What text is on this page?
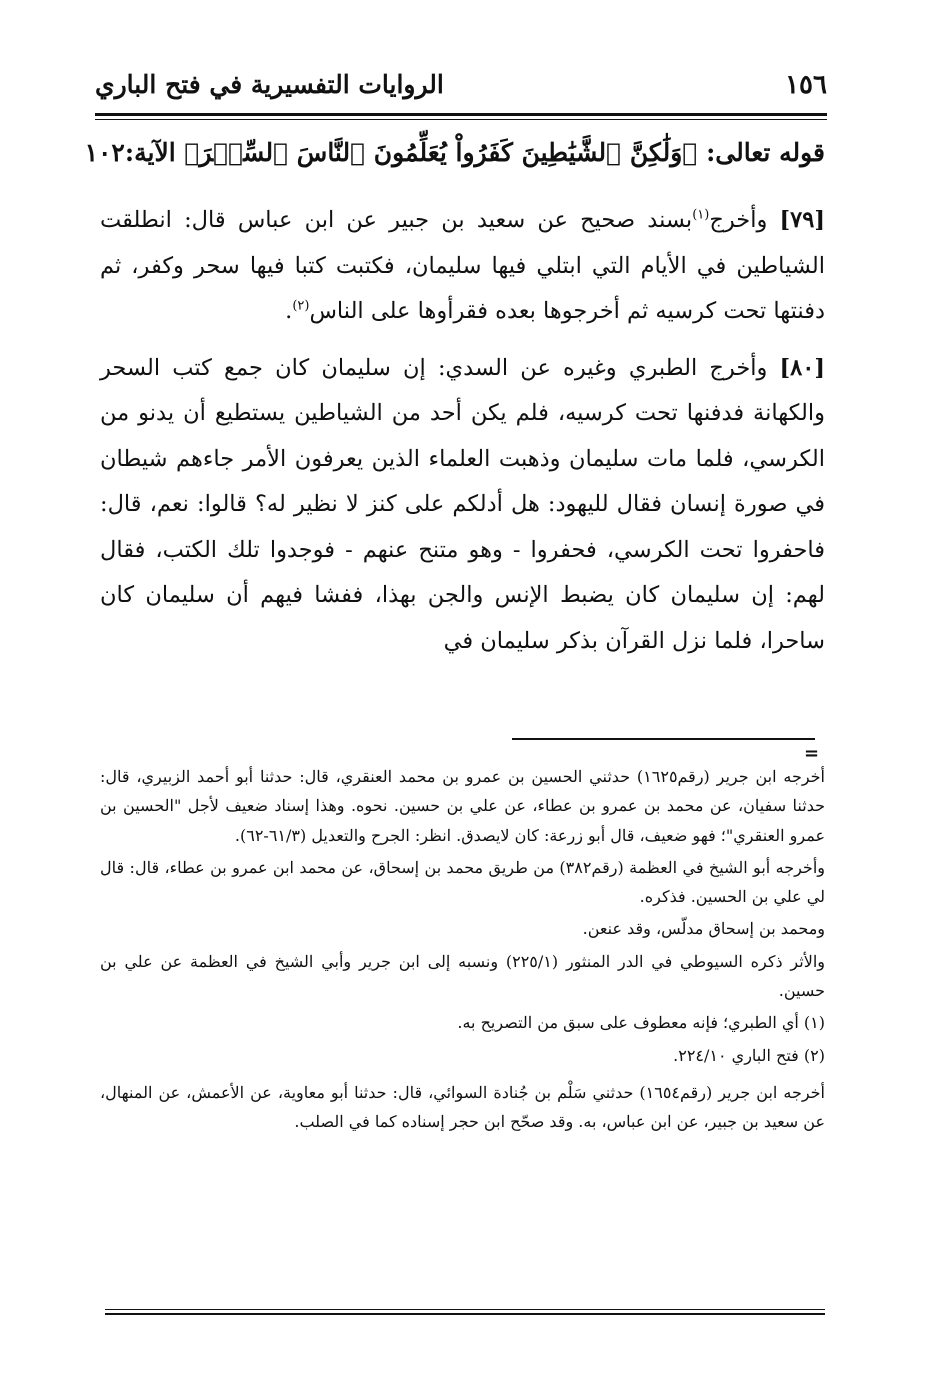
١٥٦
الروايات التفسيرية في فتح الباري
قوله تعالى: ﴿وَلَٰكِنَّ ٱلشَّيَٰطِينَ كَفَرُواْ يُعَلِّمُونَ ٱلنَّاسَ ٱلسِّحۡرَ﴾ الآية:١٠٢

[٧٩] وأخرج$^{(١)}$بسند صحيح عن سعيد بن جبير عن ابن عباس قال: انطلقت الشياطين في الأيام التي ابتلي فيها سليمان، فكتبت كتبا فيها سحر وكفر، ثم دفنتها تحت كرسيه ثم أخرجوها بعده فقرأوها على الناس$^{(٢)}$.

[٨٠] وأخرج الطبري وغيره عن السدي: إن سليمان كان جمع كتب السحر والكهانة فدفنها تحت كرسيه، فلم يكن أحد من الشياطين يستطيع أن يدنو من الكرسي، فلما مات سليمان وذهبت العلماء الذين يعرفون الأمر جاءهم شيطان في صورة إنسان فقال لليهود: هل أدلكم على كنز لا نظير له؟ قالوا: نعم، قال: فاحفروا تحت الكرسي، فحفروا - وهو متنح عنهم - فوجدوا تلك الكتب، فقال لهم: إن سليمان كان يضبط الإنس والجن بهذا، ففشا فيهم أن سليمان كان ساحرا، فلما نزل القرآن بذكر سليمان في

=

أخرجه ابن جرير (رقم١٦٢٥) حدثني الحسين بن عمرو بن محمد العنقري، قال: حدثنا أبو أحمد الزبيري، قال: حدثنا سفيان، عن محمد بن عمرو بن عطاء، عن علي بن حسين. نحوه. وهذا إسناد ضعيف لأجل "الحسين بن عمرو العنقري"؛ فهو ضعيف، قال أبو زرعة: كان لايصدق. انظر: الجرح والتعديل (٦١/٣-٦٢).

وأخرجه أبو الشيخ في العظمة (رقم٣٨٢) من طريق محمد بن إسحاق، عن محمد ابن عمرو بن عطاء، قال: قال لي علي بن الحسين. فذكره.

ومحمد بن إسحاق مدلّس، وقد عنعن.

والأثر ذكره السيوطي في الدر المنثور (٢٢٥/١) ونسبه إلى ابن جرير وأبي الشيخ في العظمة عن علي بن حسين.

(١) أي الطبري؛ فإنه معطوف على سبق من التصريح به.

(٢) فتح الباري ٢٢٤/١٠.

أخرجه ابن جرير (رقم١٦٥٤) حدثني سَلْم بن جُنادة السوائي، قال: حدثنا أبو معاوية، عن الأعمش، عن المنهال، عن سعيد بن جبير، عن ابن عباس، به. وقد صحّح ابن حجر إسناده كما في الصلب.
